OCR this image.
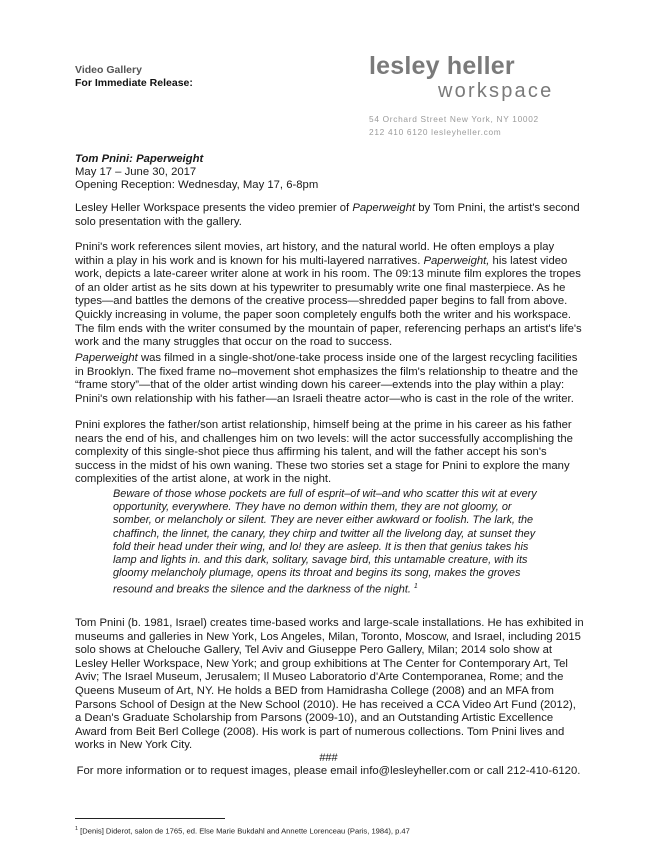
Video Gallery
For Immediate Release:
lesley heller
workspace
54 Orchard Street New York, NY 10002
212 410 6120 lesleyheller.com
Tom Pnini: Paperweight
May 17 – June 30, 2017
Opening Reception: Wednesday, May 17, 6-8pm

Lesley Heller Workspace presents the video premier of Paperweight by Tom Pnini, the artist's second solo presentation with the gallery.

Pnini's work references silent movies, art history, and the natural world. He often employs a play within a play in his work and is known for his multi-layered narratives. Paperweight, his latest video work, depicts a late-career writer alone at work in his room. The 09:13 minute film explores the tropes of an older artist as he sits down at his typewriter to presumably write one final masterpiece. As he types—and battles the demons of the creative process—shredded paper begins to fall from above. Quickly increasing in volume, the paper soon completely engulfs both the writer and his workspace. The film ends with the writer consumed by the mountain of paper, referencing perhaps an artist's life's work and the many struggles that occur on the road to success.

Paperweight was filmed in a single-shot/one-take process inside one of the largest recycling facilities in Brooklyn. The fixed frame no–movement shot emphasizes the film's relationship to theatre and the “frame story”—that of the older artist winding down his career—extends into the play within a play: Pnini's own relationship with his father—an Israeli theatre actor—who is cast in the role of the writer.

Pnini explores the father/son artist relationship, himself being at the prime in his career as his father nears the end of his, and challenges him on two levels: will the actor successfully accomplishing the complexity of this single-shot piece thus affirming his talent, and will the father accept his son's success in the midst of his own waning. These two stories set a stage for Pnini to explore the many complexities of the artist alone, at work in the night.

Beware of those whose pockets are full of esprit–of wit–and who scatter this wit at every opportunity, everywhere. They have no demon within them, they are not gloomy, or somber, or melancholy or silent. They are never either awkward or foolish. The lark, the chaffinch, the linnet, the canary, they chirp and twitter all the livelong day, at sunset they fold their head under their wing, and lo! they are asleep. It is then that genius takes his lamp and lights in. and this dark, solitary, savage bird, this untamable creature, with its gloomy melancholy plumage, opens its throat and begins its song, makes the groves resound and breaks the silence and the darkness of the night. $^1$

Tom Pnini (b. 1981, Israel) creates time-based works and large-scale installations. He has exhibited in museums and galleries in New York, Los Angeles, Milan, Toronto, Moscow, and Israel, including 2015 solo shows at Chelouche Gallery, Tel Aviv and Giuseppe Pero Gallery, Milan; 2014 solo show at Lesley Heller Workspace, New York; and group exhibitions at The Center for Contemporary Art, Tel Aviv; The Israel Museum, Jerusalem; Il Museo Laboratorio d'Arte Contemporanea, Rome; and the Queens Museum of Art, NY. He holds a BED from Hamidrasha College (2008) and an MFA from Parsons School of Design at the New School (2010). He has received a CCA Video Art Fund (2012), a Dean's Graduate Scholarship from Parsons (2009-10), and an Outstanding Artistic Excellence Award from Beit Berl College (2008). His work is part of numerous collections. Tom Pnini lives and works in New York City.

###
For more information or to request images, please email info@lesleyheller.com or call 212-410-6120.
$^1$ [Denis] Diderot, salon de 1765, ed. Else Marie Bukdahl and Annette Lorenceau (Paris, 1984), p.47
